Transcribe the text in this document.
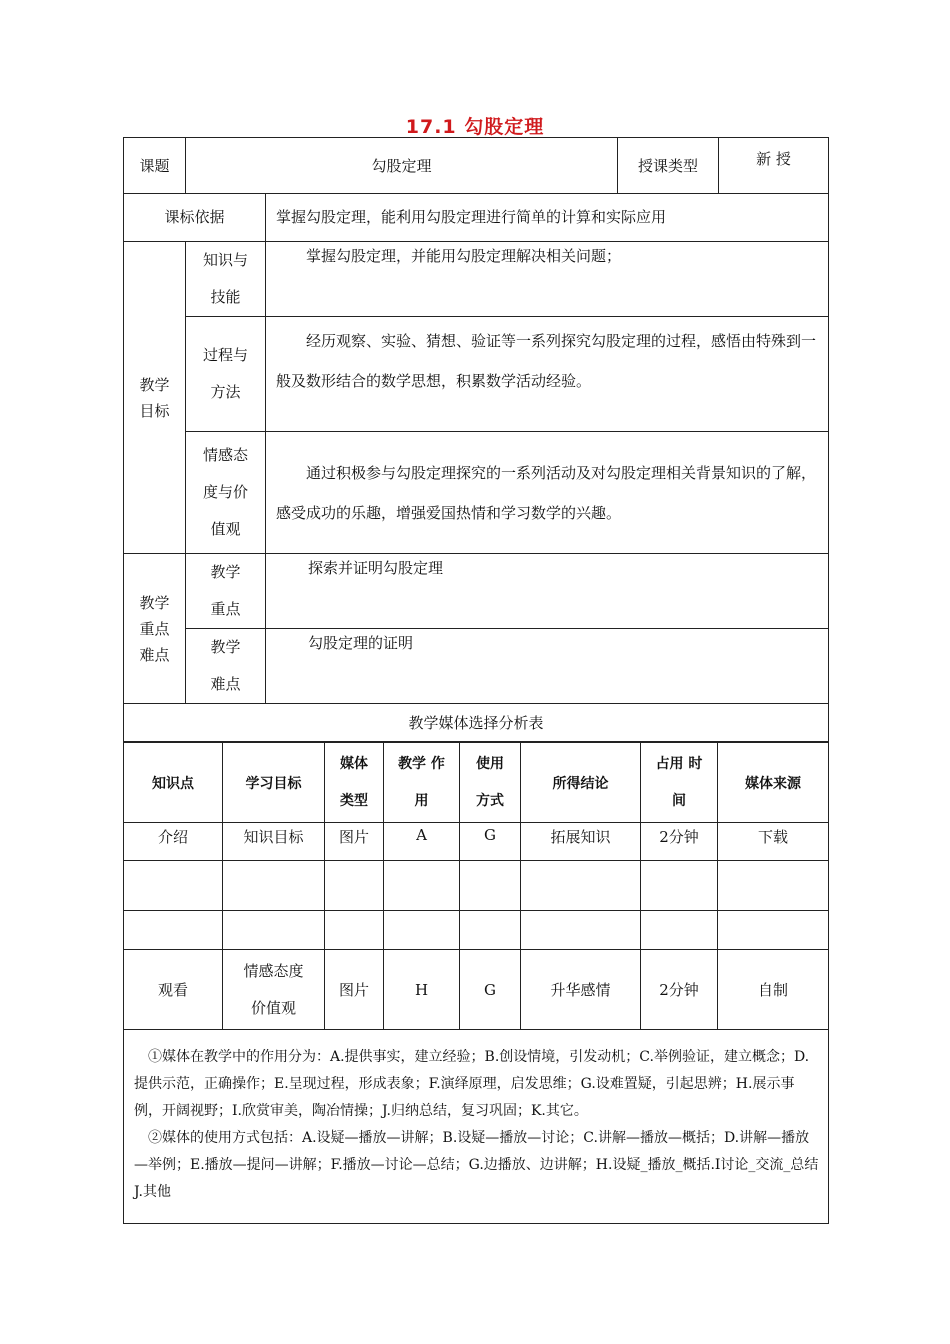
17.1 勾股定理
课题	勾股定理		授课类型	新 授
课标依据		掌握勾股定理，能利用勾股定理进行简单的计算和实际应用		
教学目标	知识与技能	掌握勾股定理，并能用勾股定理解决相关问题；		
	过程与方法	经历观察、实验、猜想、验证等一系列探究勾股定理的过程，感悟由特殊到一般及数形结合的数学思想，积累数学活动经验。		
	情感态度与价值观	通过积极参与勾股定理探究的一系列活动及对勾股定理相关背景知识的了解，感受成功的乐趣，增强爱国热情和学习数学的兴趣。		
教学重点难点	教学重点	探索并证明勾股定理		
	教学难点	勾股定理的证明		
教学媒体选择分析表				
知识点	学习目标	媒体类型	教学 作用	使用方式	所得结论	占用 时间	媒体来源
介绍	知识目标	图片	A	G	拓展知识	2分钟	下载

观看	情感态度价值观	图片	H	G	升华感情	2分钟	自制

①媒体在教学中的作用分为：A.提供事实，建立经验；B.创设情境，引发动机；C.举例验证，建立概念；D.提供示范，正确操作；E.呈现过程，形成表象；F.演绎原理，启发思维；G.设难置疑，引起思辨；H.展示事例，开阔视野；I.欣赏审美，陶冶情操；J.归纳总结，复习巩固；K.其它。

②媒体的使用方式包括：A.设疑—播放—讲解；B.设疑—播放—讨论；C.讲解—播放—概括；D.讲解—播放—举例；E.播放—提问—讲解；F.播放—讨论—总结；G.边播放、边讲解；H.设疑_播放_概括.I讨论_交流_总结J.其他							
